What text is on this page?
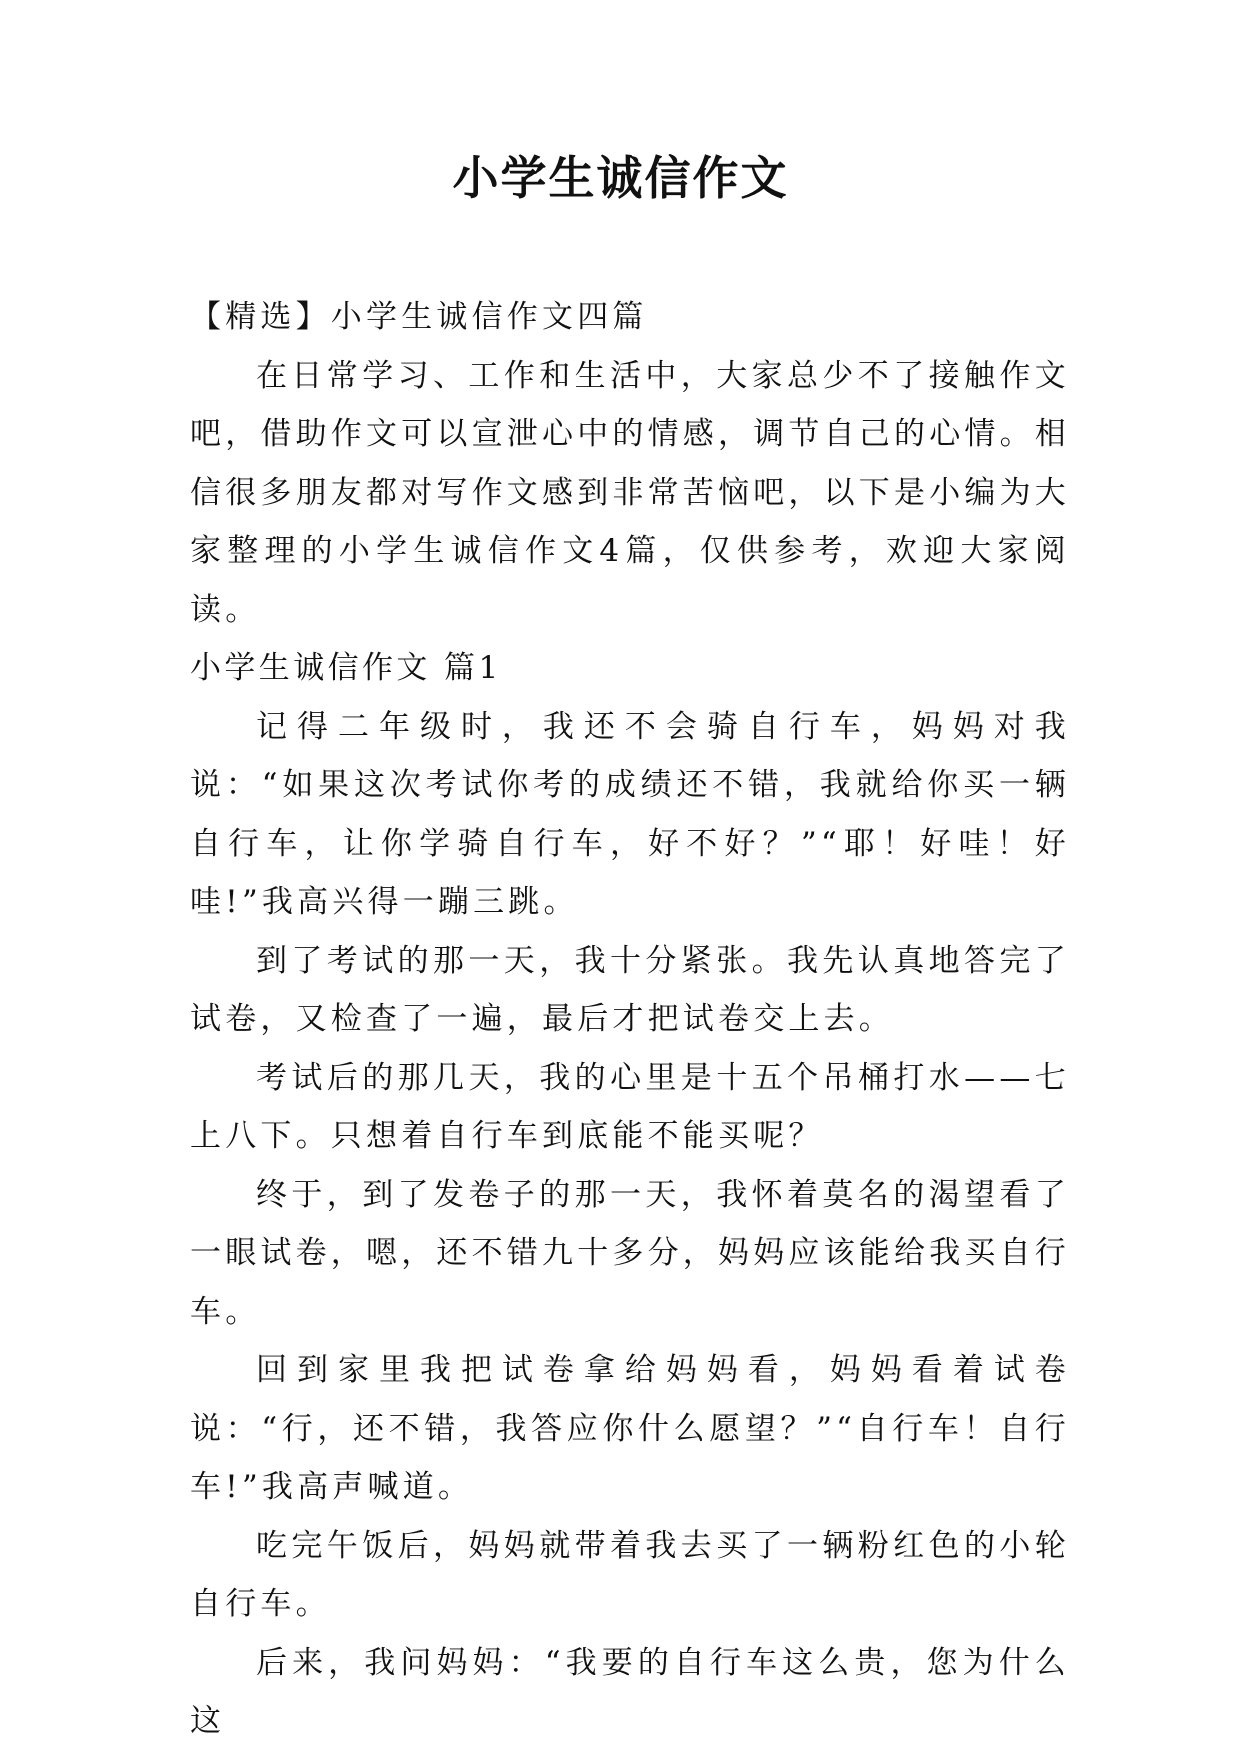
小学生诚信作文

【精选】小学生诚信作文四篇

在日常学习、工作和生活中，大家总少不了接触作文吧，借助作文可以宣泄心中的情感，调节自己的心情。相信很多朋友都对写作文感到非常苦恼吧，以下是小编为大家整理的小学生诚信作文4篇，仅供参考，欢迎大家阅读。

小学生诚信作文 篇1

记得二年级时，我还不会骑自行车，妈妈对我说：“如果这次考试你考的成绩还不错，我就给你买一辆自行车，让你学骑自行车，好不好？”“耶！好哇！好哇!”我高兴得一蹦三跳。

到了考试的那一天，我十分紧张。我先认真地答完了试卷，又检查了一遍，最后才把试卷交上去。

考试后的那几天，我的心里是十五个吊桶打水——七上八下。只想着自行车到底能不能买呢？

终于，到了发卷子的那一天，我怀着莫名的渴望看了一眼试卷，嗯，还不错九十多分，妈妈应该能给我买自行车。

回到家里我把试卷拿给妈妈看，妈妈看着试卷说：“行，还不错，我答应你什么愿望？”“自行车！自行车!”我高声喊道。

吃完午饭后，妈妈就带着我去买了一辆粉红色的小轮自行车。

后来，我问妈妈：“我要的自行车这么贵，您为什么这
